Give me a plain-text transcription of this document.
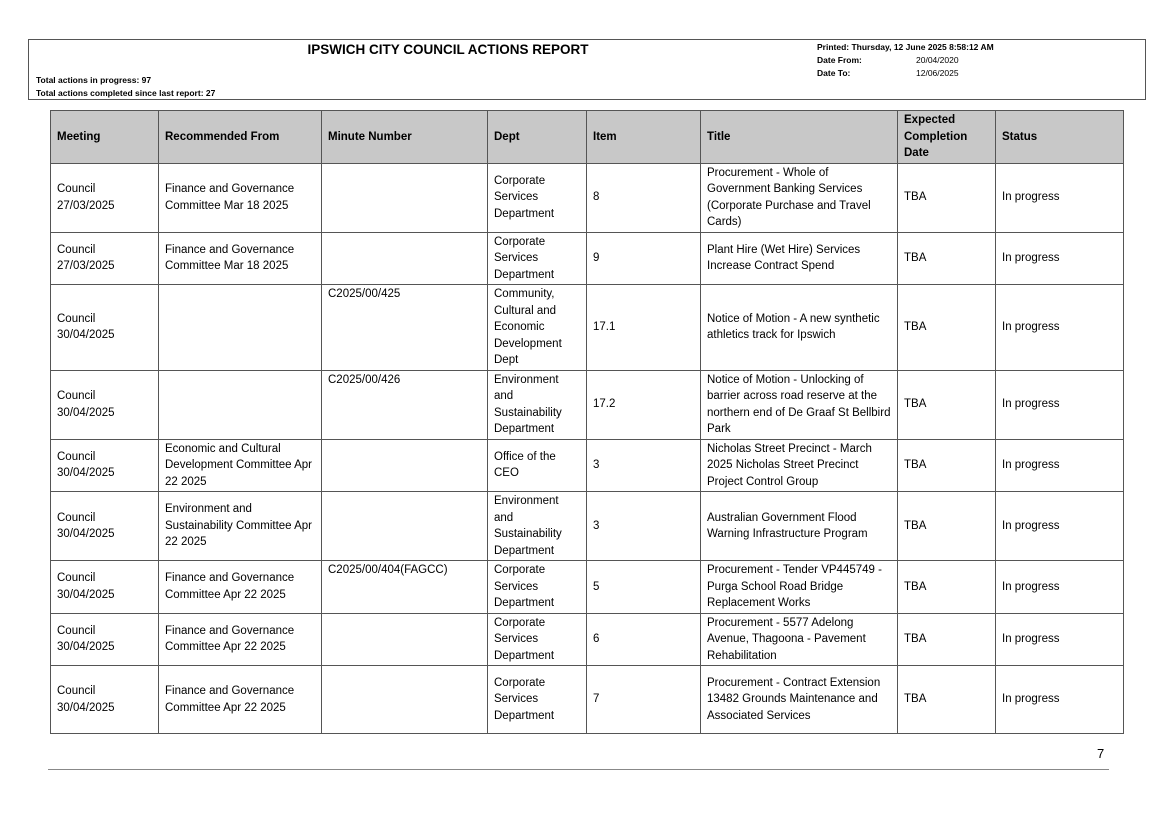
IPSWICH CITY COUNCIL ACTIONS REPORT
Total actions in progress: 97
Total actions completed since last report: 27
Printed: Thursday, 12 June 2025 8:58:12 AM
Date From:	20/04/2020
Date To:	12/06/2025
Meeting	Recommended From	Minute Number	Dept	Item	Title	Expected Completion Date	Status
Council 27/03/2025	Finance and Governance Committee Mar 18 2025		Corporate Services Department	8	Procurement - Whole of Government Banking Services (Corporate Purchase and Travel Cards)	TBA	In progress
Council 27/03/2025	Finance and Governance Committee Mar 18 2025		Corporate Services Department	9	Plant Hire (Wet Hire) Services Increase Contract Spend	TBA	In progress
Council 30/04/2025		C2025/00/425	Community, Cultural and Economic Development Dept	17.1	Notice of Motion - A new synthetic athletics track for Ipswich	TBA	In progress
Council 30/04/2025		C2025/00/426	Environment and Sustainability Department	17.2	Notice of Motion - Unlocking of barrier across road reserve at the northern end of De Graaf St Bellbird Park	TBA	In progress
Council 30/04/2025	Economic and Cultural Development Committee Apr 22 2025		Office of the CEO	3	Nicholas Street Precinct - March 2025 Nicholas Street Precinct Project Control Group	TBA	In progress
Council 30/04/2025	Environment and Sustainability Committee Apr 22 2025		Environment and Sustainability Department	3	Australian Government Flood Warning Infrastructure Program	TBA	In progress
Council 30/04/2025	Finance and Governance Committee Apr 22 2025	C2025/00/404(FAGCC)	Corporate Services Department	5	Procurement - Tender VP445749 - Purga School Road Bridge Replacement Works	TBA	In progress
Council 30/04/2025	Finance and Governance Committee Apr 22 2025		Corporate Services Department	6	Procurement - 5577 Adelong Avenue, Thagoona - Pavement Rehabilitation	TBA	In progress
Council 30/04/2025	Finance and Governance Committee Apr 22 2025		Corporate Services Department	7	Procurement - Contract Extension 13482 Grounds Maintenance and Associated Services	TBA	In progress
7
